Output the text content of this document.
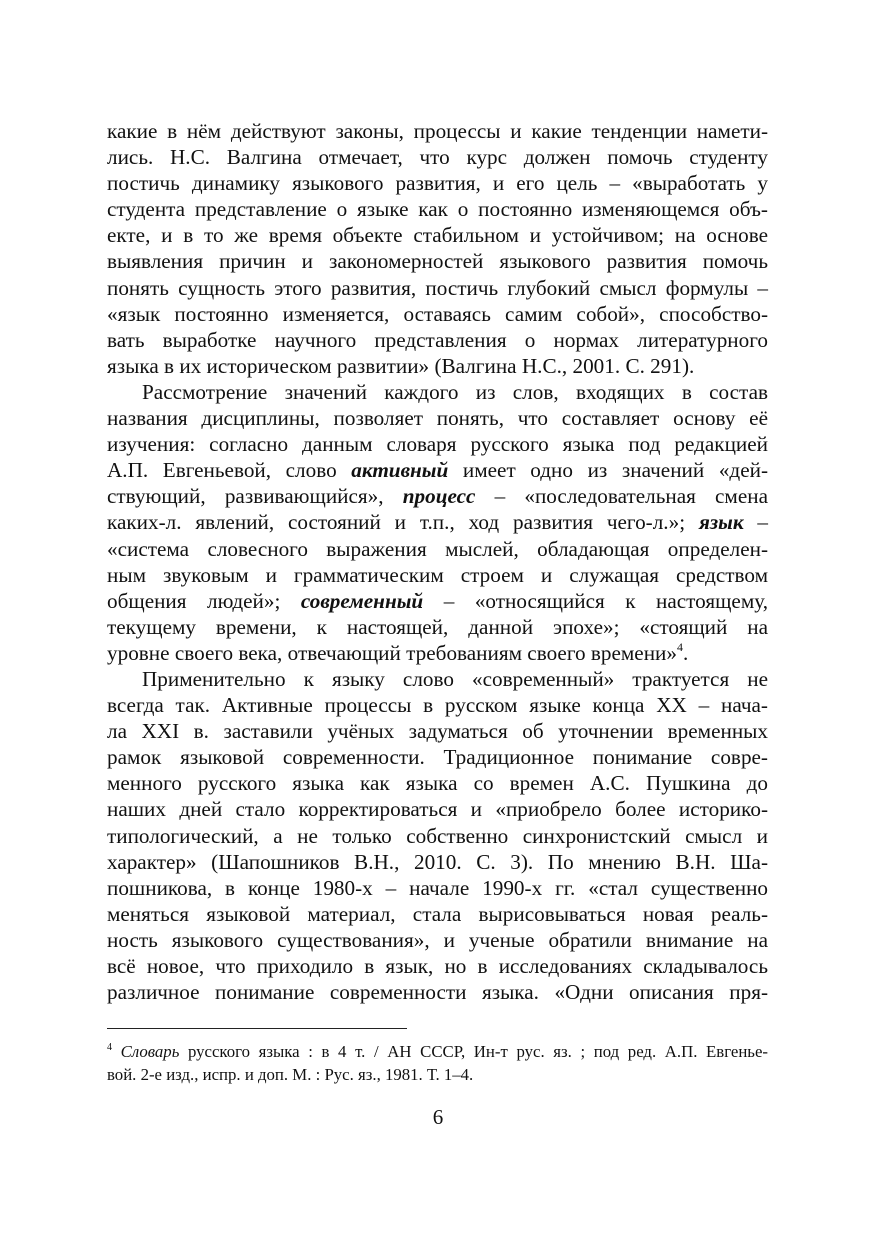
какие в нём действуют законы, процессы и какие тенденции намети-
лись. Н.С. Валгина отмечает, что курс должен помочь студенту
постичь динамику языкового развития, и его цель – «выработать у
студента представление о языке как о постоянно изменяющемся объ-
екте, и в то же время объекте стабильном и устойчивом; на основе
выявления причин и закономерностей языкового развития помочь
понять сущность этого развития, постичь глубокий смысл формулы –
«язык постоянно изменяется, оставаясь самим собой», способство-
вать выработке научного представления о нормах литературного
языка в их историческом развитии» (Валгина Н.С., 2001. С. 291).
Рассмотрение значений каждого из слов, входящих в состав
названия дисциплины, позволяет понять, что составляет основу её
изучения: согласно данным словаря русского языка под редакцией
А.П. Евгеньевой, слово активный имеет одно из значений «дей-
ствующий, развивающийся», процесс – «последовательная смена
каких-л. явлений, состояний и т.п., ход развития чего-л.»; язык –
«система словесного выражения мыслей, обладающая определен-
ным звуковым и грамматическим строем и служащая средством
общения людей»; современный – «относящийся к настоящему,
текущему времени, к настоящей, данной эпохе»; «стоящий на
уровне своего века, отвечающий требованиям своего времени»$^4$.
Применительно к языку слово «современный» трактуется не
всегда так. Активные процессы в русском языке конца XX – нача-
ла XXI в. заставили учёных задуматься об уточнении временных
рамок языковой современности. Традиционное понимание совре-
менного русского языка как языка со времен А.С. Пушкина до
наших дней стало корректироваться и «приобрело более историко-
типологический, а не только собственно синхронистский смысл и
характер» (Шапошников В.Н., 2010. С. 3). По мнению В.Н. Ша-
пошникова, в конце 1980-х – начале 1990-х гг. «стал существенно
меняться языковой материал, стала вырисовываться новая реаль-
ность языкового существования», и ученые обратили внимание на
всё новое, что приходило в язык, но в исследованиях складывалось
различное понимание современности языка. «Одни описания пря-
$^4$ Словарь русского языка : в 4 т. / АН СССР, Ин-т рус. яз. ; под ред. А.П. Евгенье-
вой. 2-е изд., испр. и доп. М. : Рус. яз., 1981. Т. 1–4.
6
